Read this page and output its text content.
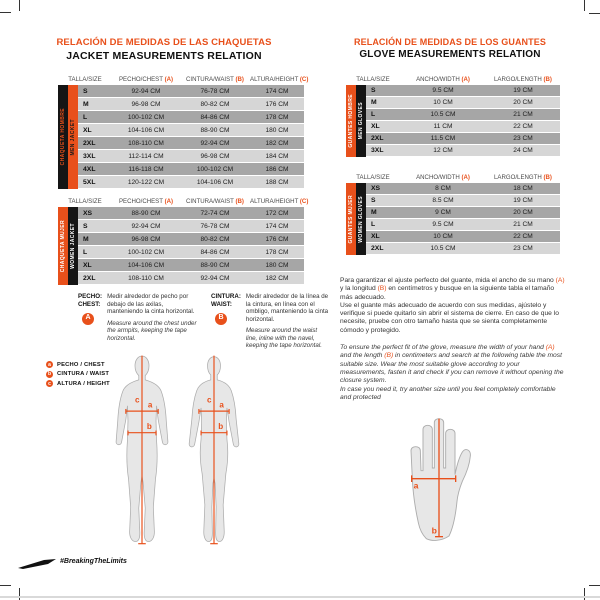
RELACIÓN DE MEDIDAS DE LAS CHAQUETAS
JACKET MEASUREMENTS RELATION
TALLA/SIZE	PECHO/CHEST (A)	CINTURA/WAIST (B) ALTURA/HEIGHT (C)
CHAQUETA HOMBRE MEN JACKET
S	92-94 CM	76-78 CM	174 CM
M	96-98 CM	80-82 CM	176 CM
L	100-102 CM	84-86 CM	178 CM
XL	104-106 CM	88-90 CM	180 CM
2XL	108-110 CM	92-94 CM	182 CM
3XL	112-114 CM	96-98 CM	184 CM
4XL	116-118 CM	100-102 CM	186 CM
5XL	120-122 CM	104-106 CM	188 CM
TALLA/SIZE	PECHO/CHEST (A)	CINTURA/WAIST (B) ALTURA/HEIGHT (C)
CHAQUETA MUJER WOMEN JACKET
XS	88-90 CM	72-74 CM	172 CM
S	92-94 CM	76-78 CM	174 CM
M	96-98 CM	80-82 CM	176 CM
L	100-102 CM	84-86 CM	178 CM
XL	104-106 CM	88-90 CM	180 CM
2XL	108-110 CM	92-94 CM	182 CM
PECHO:
CHEST:
A

Medir alrededor de pecho por debajo de las axilas, manteniendo la cinta horizontal.

Measure around the chest under the armpits, keeping the tape horizontal.

CINTURA:
WAIST:
B

Medir alrededor de la línea de la cintura, en línea con el ombligo, manteniendo la cinta horizontal.

Measure around the waist line, inline with the navel, keeping the tape horizontal.

a	PECHO / CHEST
b	CINTURA / WAIST
c	ALTURA / HEIGHT
c
a
b
c
a
b
RELACIÓN DE MEDIDAS DE LOS GUANTES
GLOVE MEASUREMENTS RELATION
TALLA/SIZE	ANCHO/WIDTH (A)	LARGO/LENGTH (B)
GUANTES HOMBRE MEN GLOVES
S	9.5 CM	19 CM
M	10 CM	20 CM
L	10.5 CM	21 CM
XL	11 CM	22 CM
2XL	11.5 CM	23 CM
3XL	12 CM	24 CM
TALLA/SIZE	ANCHO/WIDTH (A)	LARGO/LENGTH (B)
GUANTES MUJER WOMEN GLOVES
XS	8 CM	18 CM
S	8.5 CM	19 CM
M	9 CM	20 CM
L	9.5 CM	21 CM
XL	10 CM	22 CM
2XL	10.5 CM	23 CM

Para garantizar el ajuste perfecto del guante, mida el ancho de su mano (A) y la longitud (B) en centímetros y busque en la siguiente tabla el tamaño más adecuado.

Use el guante más adecuado de acuerdo con sus medidas, ajústelo y verifique si puede quitarlo sin abrir el sistema de cierre. En caso de que lo necesite, pruebe con otro tamaño hasta que se sienta completamente cómodo y protegido.

To ensure the perfect fit of the glove, measure the width of your hand (A) and the length (B) in centimeters and search at the following table the most suitable size. Wear the most suitable glove according to your measurements, fasten it and check if you can remove it without opening the closure system.

In case you need it, try another size until you feel completely comfortable and protected

a
b
#BreakingTheLimits
